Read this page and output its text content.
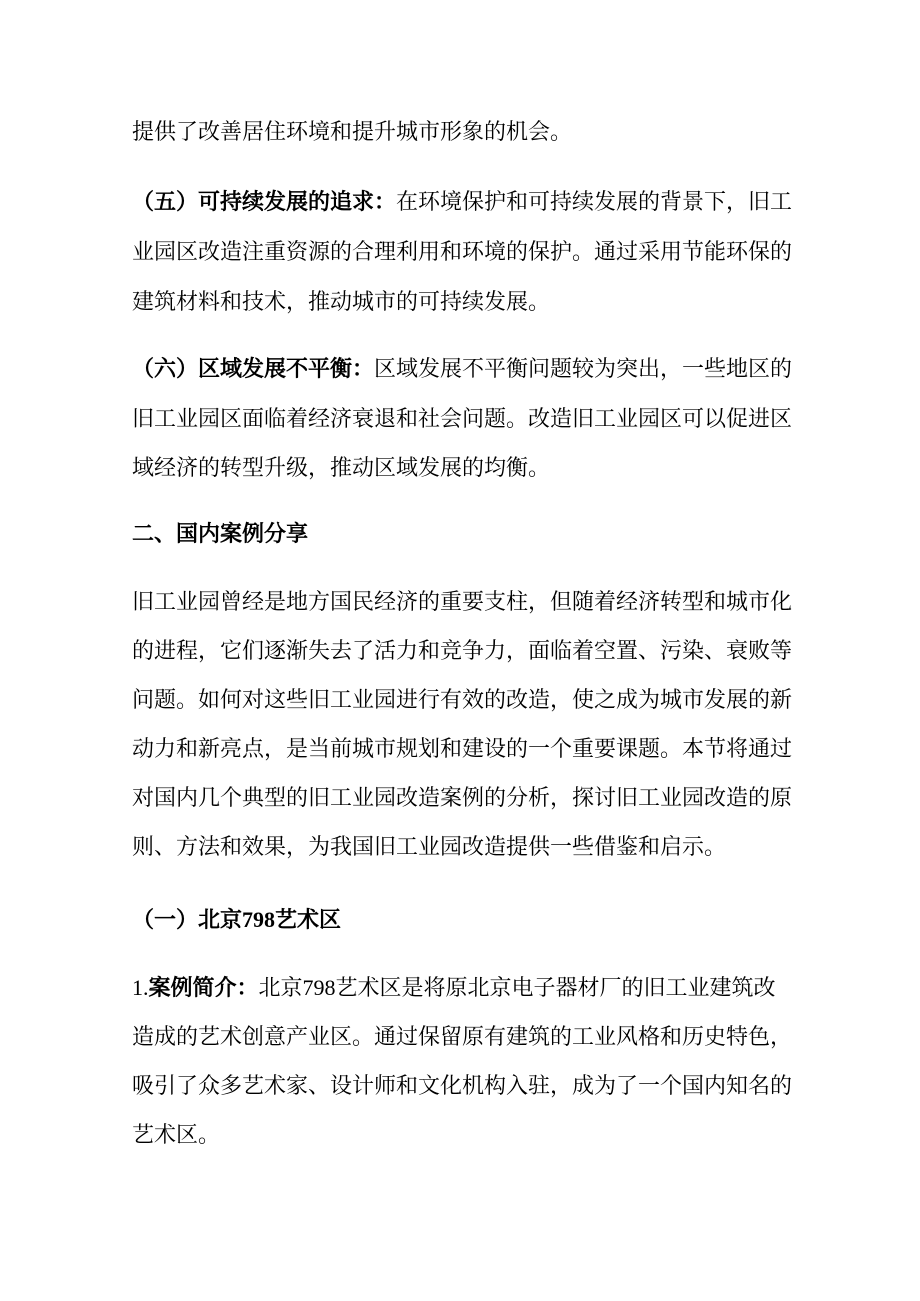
提供了改善居住环境和提升城市形象的机会。
（五）可持续发展的追求：在环境保护和可持续发展的背景下，旧工
业园区改造注重资源的合理利用和环境的保护。通过采用节能环保的
建筑材料和技术，推动城市的可持续发展。
（六）区域发展不平衡：区域发展不平衡问题较为突出，一些地区的
旧工业园区面临着经济衰退和社会问题。改造旧工业园区可以促进区
域经济的转型升级，推动区域发展的均衡。
二、国内案例分享
旧工业园曾经是地方国民经济的重要支柱，但随着经济转型和城市化
的进程，它们逐渐失去了活力和竞争力，面临着空置、污染、衰败等
问题。如何对这些旧工业园进行有效的改造，使之成为城市发展的新
动力和新亮点，是当前城市规划和建设的一个重要课题。本节将通过
对国内几个典型的旧工业园改造案例的分析，探讨旧工业园改造的原
则、方法和效果，为我国旧工业园改造提供一些借鉴和启示。
（一）北京798艺术区
1.案例简介：北京798艺术区是将原北京电子器材厂的旧工业建筑改
造成的艺术创意产业区。通过保留原有建筑的工业风格和历史特色，
吸引了众多艺术家、设计师和文化机构入驻，成为了一个国内知名的
艺术区。
